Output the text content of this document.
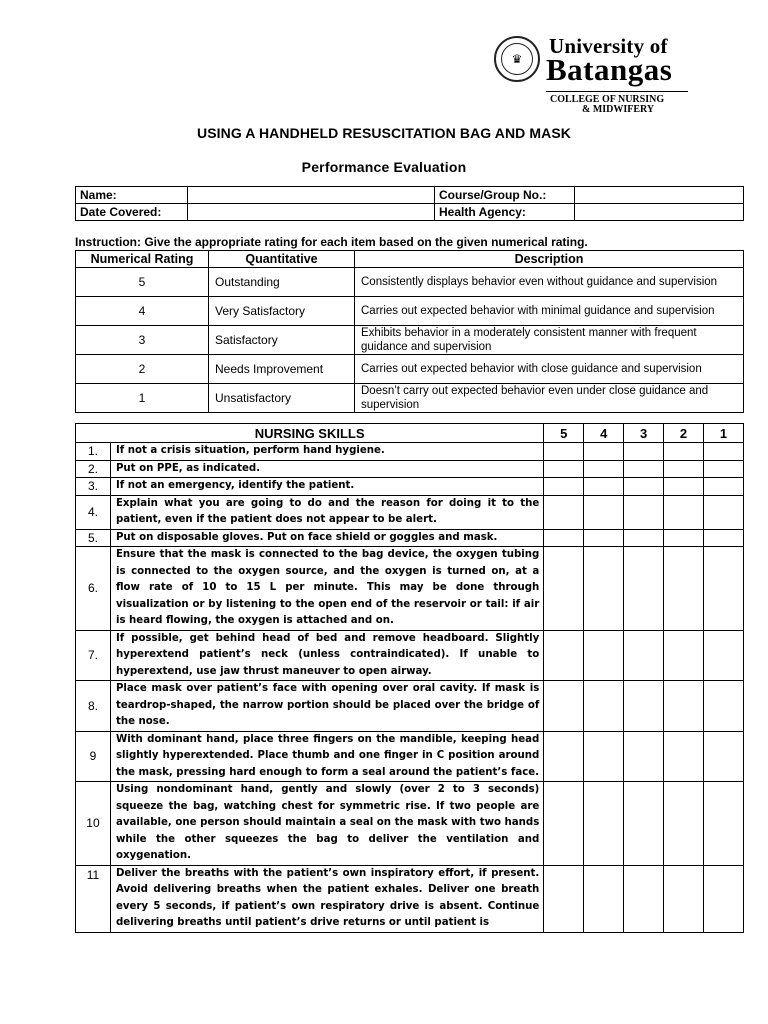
♛
University of
Batangas
COLLEGE OF NURSING
& MIDWIFERY
USING A HANDHELD RESUSCITATION BAG AND MASK
Performance Evaluation
Name:		Course/Group No.:	
Date Covered:		Health Agency:	
Instruction: Give the appropriate rating for each item based on the given numerical rating.
Numerical Rating	Quantitative	Description
5	Outstanding	Consistently displays behavior even without guidance and supervision
4	Very Satisfactory	Carries out expected behavior with minimal guidance and supervision
3	Satisfactory	Exhibits behavior in a moderately consistent manner with frequent guidance and supervision
2	Needs Improvement	Carries out expected behavior with close guidance and supervision
1	Unsatisfactory	Doesn’t carry out expected behavior even under close guidance and supervision
NURSING SKILLS		5	4	3	2	1
1.	If not a crisis situation, perform hand hygiene.					
2.	Put on PPE, as indicated.					
3.	If not an emergency, identify the patient.					
4.	Explain what you are going to do and the reason for doing it to the patient, even if the patient does not appear to be alert.					
5.	Put on disposable gloves. Put on face shield or goggles and mask.					
6.	Ensure that the mask is connected to the bag device, the oxygen tubing is connected to the oxygen source, and the oxygen is turned on, at a flow rate of 10 to 15 L per minute. This may be done through visualization or by listening to the open end of the reservoir or tail: if air is heard flowing, the oxygen is attached and on.					
7.	If possible, get behind head of bed and remove headboard. Slightly hyperextend patient’s neck (unless contraindicated). If unable to hyperextend, use jaw thrust maneuver to open airway.					
8.	Place mask over patient’s face with opening over oral cavity. If mask is teardrop-shaped, the narrow portion should be placed over the bridge of the nose.					
9	With dominant hand, place three fingers on the mandible, keeping head slightly hyperextended. Place thumb and one finger in C position around the mask, pressing hard enough to form a seal around the patient’s face.					
10	Using nondominant hand, gently and slowly (over 2 to 3 seconds) squeeze the bag, watching chest for symmetric rise. If two people are available, one person should maintain a seal on the mask with two hands while the other squeezes the bag to deliver the ventilation and oxygenation.					
11	Deliver the breaths with the patient’s own inspiratory effort, if present. Avoid delivering breaths when the patient exhales. Deliver one breath every 5 seconds, if patient’s own respiratory drive is absent. Continue delivering breaths until patient’s drive returns or until patient is					
